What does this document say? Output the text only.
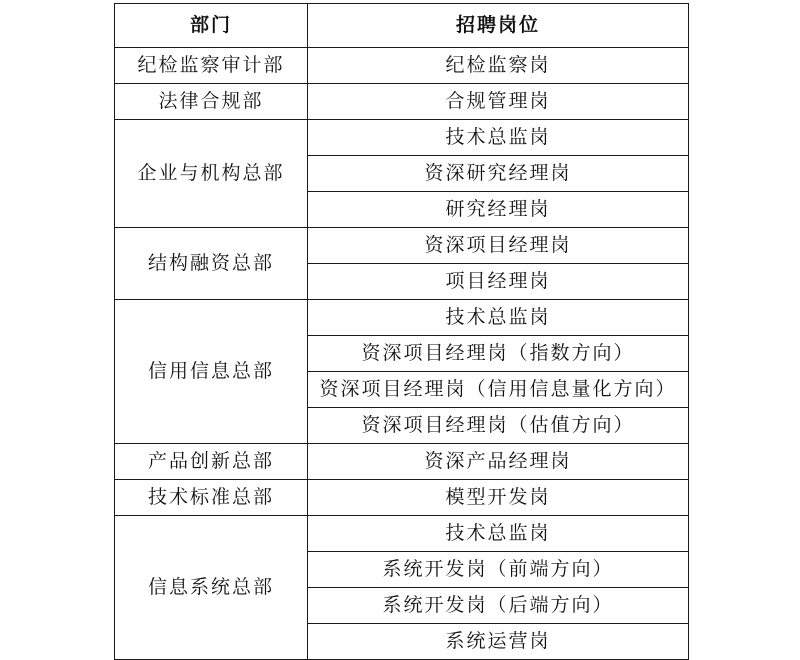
部门	招聘岗位
纪检监察审计部	纪检监察岗
法律合规部	合规管理岗
企业与机构总部	技术总监岗
	资深研究经理岗
	研究经理岗
结构融资总部	资深项目经理岗
	项目经理岗
信用信息总部	技术总监岗
	资深项目经理岗（指数方向）
	资深项目经理岗（信用信息量化方向）
	资深项目经理岗（估值方向）
产品创新总部	资深产品经理岗
技术标准总部	模型开发岗
信息系统总部	技术总监岗
	系统开发岗（前端方向）
	系统开发岗（后端方向）
	系统运营岗
